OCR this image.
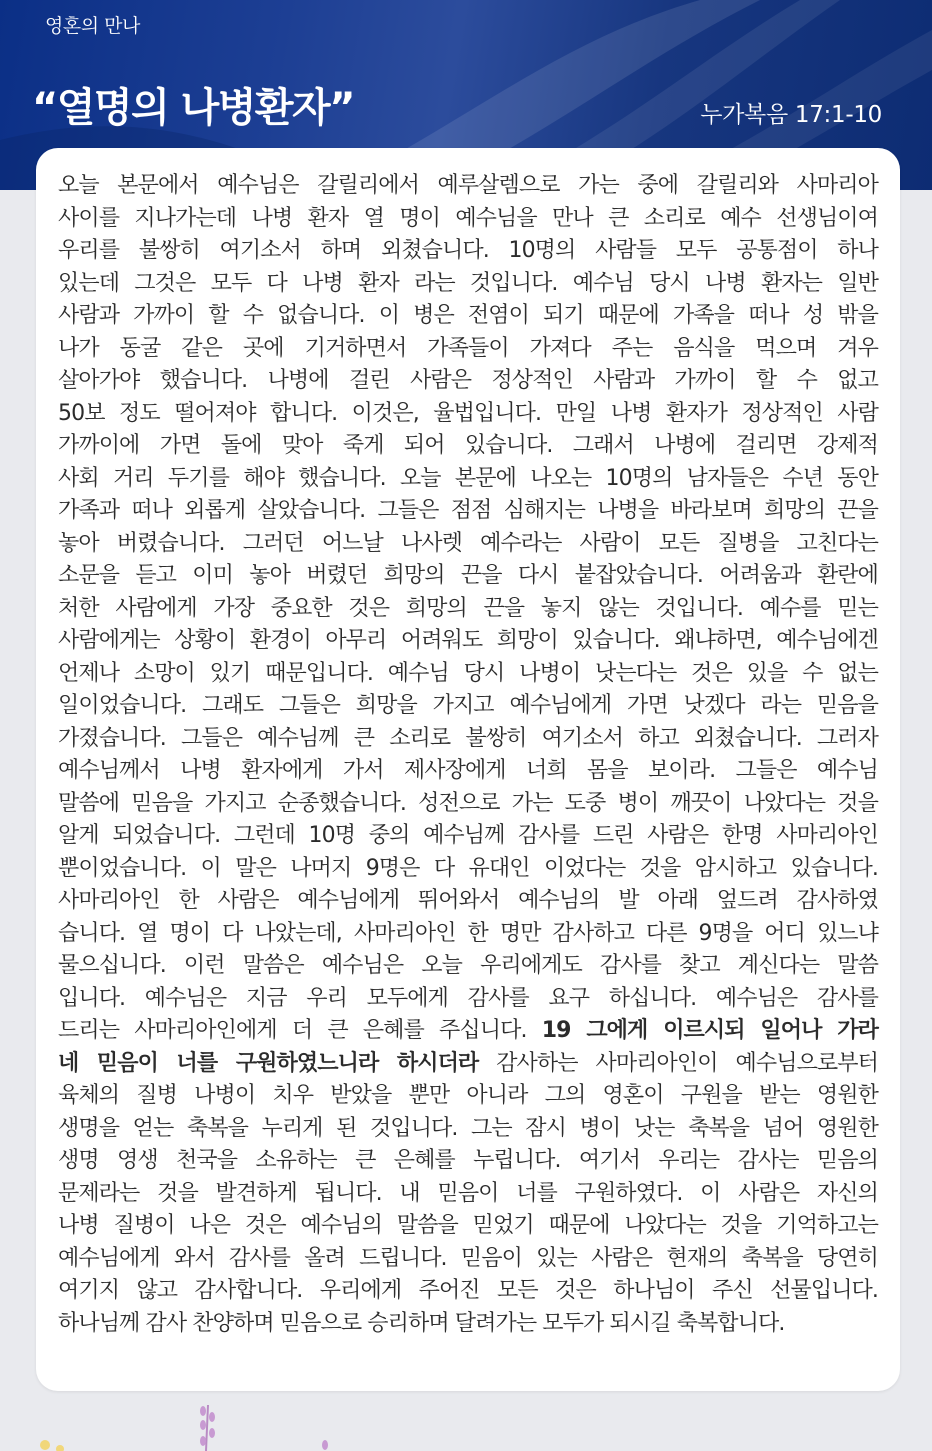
영혼의 만나
“열명의 나병환자”	누가복음 17:1-10
오늘 본문에서 예수님은 갈릴리에서 예루살렘으로 가는 중에 갈릴리와 사마리아
사이를 지나가는데 나병 환자 열 명이 예수님을 만나 큰 소리로 예수 선생님이여
우리를 불쌍히 여기소서 하며 외쳤습니다. 10명의 사람들 모두 공통점이 하나
있는데 그것은 모두 다 나병 환자 라는 것입니다. 예수님 당시 나병 환자는 일반
사람과 가까이 할 수 없습니다. 이 병은 전염이 되기 때문에 가족을 떠나 성 밖을
나가 동굴 같은 곳에 기거하면서 가족들이 가져다 주는 음식을 먹으며 겨우
살아가야 했습니다. 나병에 걸린 사람은 정상적인 사람과 가까이 할 수 없고
50보 정도 떨어져야 합니다. 이것은, 율법입니다. 만일 나병 환자가 정상적인 사람
가까이에 가면 돌에 맞아 죽게 되어 있습니다. 그래서 나병에 걸리면 강제적
사회 거리 두기를 해야 했습니다. 오늘 본문에 나오는 10명의 남자들은 수년 동안
가족과 떠나 외롭게 살았습니다. 그들은 점점 심해지는 나병을 바라보며 희망의 끈을
놓아 버렸습니다. 그러던 어느날 나사렛 예수라는 사람이 모든 질병을 고친다는
소문을 듣고 이미 놓아 버렸던 희망의 끈을 다시 붙잡았습니다. 어려움과 환란에
처한 사람에게 가장 중요한 것은 희망의 끈을 놓지 않는 것입니다. 예수를 믿는
사람에게는 상황이 환경이 아무리 어려워도 희망이 있습니다. 왜냐하면, 예수님에겐
언제나 소망이 있기 때문입니다. 예수님 당시 나병이 낫는다는 것은 있을 수 없는
일이었습니다. 그래도 그들은 희망을 가지고 예수님에게 가면 낫겠다 라는 믿음을
가졌습니다. 그들은 예수님께 큰 소리로 불쌍히 여기소서 하고 외쳤습니다. 그러자
예수님께서 나병 환자에게 가서 제사장에게 너희 몸을 보이라. 그들은 예수님
말씀에 믿음을 가지고 순종했습니다. 성전으로 가는 도중 병이 깨끗이 나았다는 것을
알게 되었습니다. 그런데 10명 중의 예수님께 감사를 드린 사람은 한명 사마리아인
뿐이었습니다. 이 말은 나머지 9명은 다 유대인 이었다는 것을 암시하고 있습니다.
사마리아인 한 사람은 예수님에게 뛰어와서 예수님의 발 아래 엎드려 감사하였
습니다. 열 명이 다 나았는데, 사마리아인 한 명만 감사하고 다른 9명을 어디 있느냐
물으십니다. 이런 말씀은 예수님은 오늘 우리에게도 감사를 찾고 계신다는 말씀
입니다. 예수님은 지금 우리 모두에게 감사를 요구 하십니다. 예수님은 감사를
드리는 사마리아인에게 더 큰 은혜를 주십니다. 19 그에게 이르시되 일어나 가라
네 믿음이 너를 구원하였느니라 하시더라 감사하는 사마리아인이 예수님으로부터
육체의 질병 나병이 치우 받았을 뿐만 아니라 그의 영혼이 구원을 받는 영원한
생명을 얻는 축복을 누리게 된 것입니다. 그는 잠시 병이 낫는 축복을 넘어 영원한
생명 영생 천국을 소유하는 큰 은혜를 누립니다. 여기서 우리는 감사는 믿음의
문제라는 것을 발견하게 됩니다. 내 믿음이 너를 구원하였다. 이 사람은 자신의
나병 질병이 나은 것은 예수님의 말씀을 믿었기 때문에 나았다는 것을 기억하고는
예수님에게 와서 감사를 올려 드립니다. 믿음이 있는 사람은 현재의 축복을 당연히
여기지 않고 감사합니다. 우리에게 주어진 모든 것은 하나님이 주신 선물입니다.
하나님께 감사 찬양하며 믿음으로 승리하며 달려가는 모두가 되시길 축복합니다.
